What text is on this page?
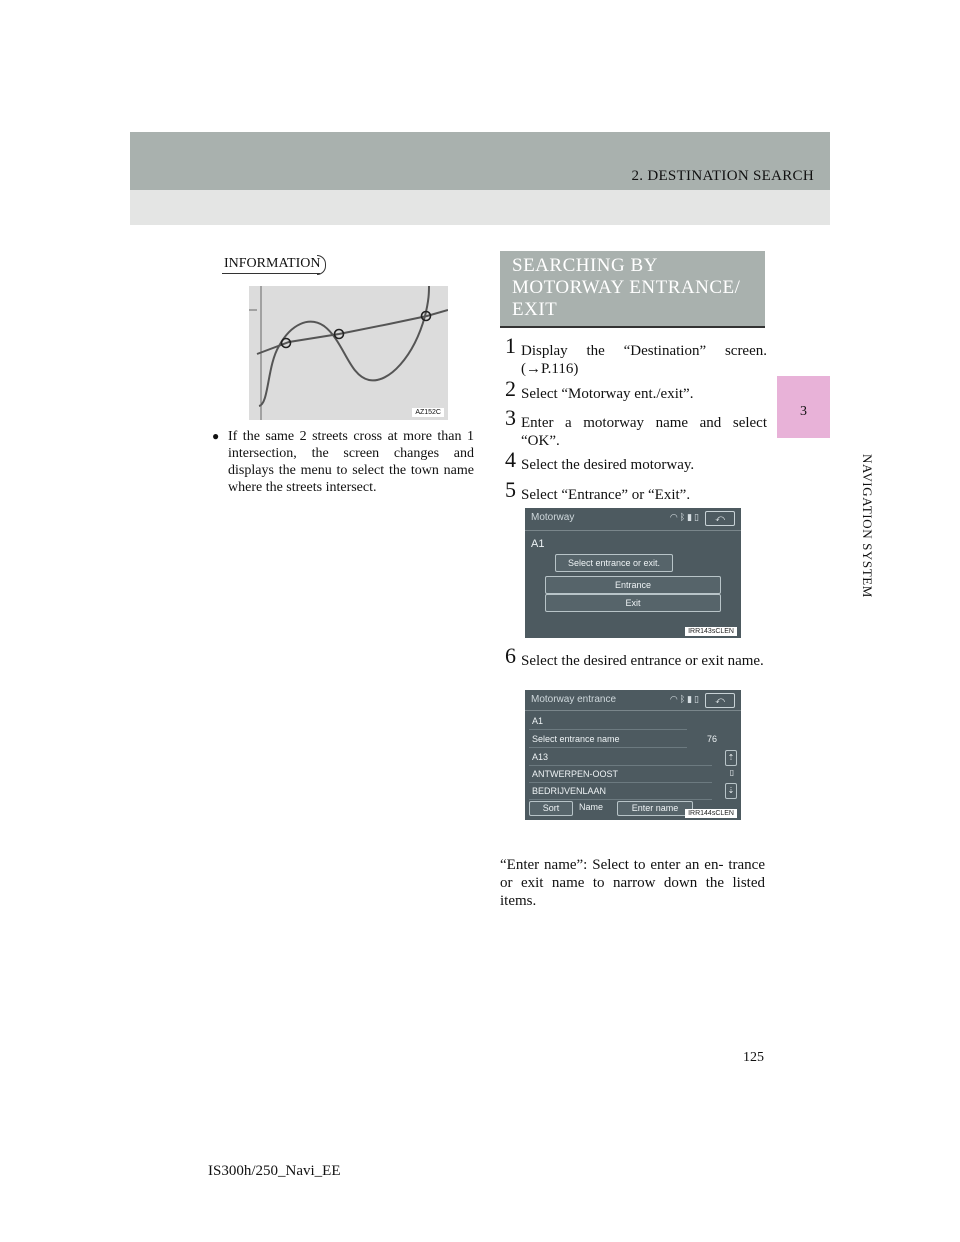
2. DESTINATION SEARCH
3
NAVIGATION SYSTEM
INFORMATION
AZ152C
● If the same 2 streets cross at more than 1 intersection, the screen changes and displays the menu to select the town name where the streets intersect.
SEARCHING BY
MOTORWAY ENTRANCE/
EXIT
1 Display the “Destination” screen. (→P.116)
2 Select “Motorway ent./exit”.
3 Enter a motorway name and select “OK”.
4 Select the desired motorway.
5 Select “Entrance” or “Exit”.
Motorway	◠ᛒ▮▯	⤺
A1
Select entrance or exit.
Entrance
Exit
IRR143sCLEN
6 Select the desired entrance or exit name.
Motorway entrance	◠ᛒ▮▯	⤺
A1
Select entrance name	76
A13
ANTWERPEN-OOST
BEDRIJVENLAAN
⇡
▯
⇣
Sort	Name	Enter name
IRR144sCLEN
“Enter name”: Select to enter an en- trance or exit name to narrow down the listed items.
125
IS300h/250_Navi_EE
